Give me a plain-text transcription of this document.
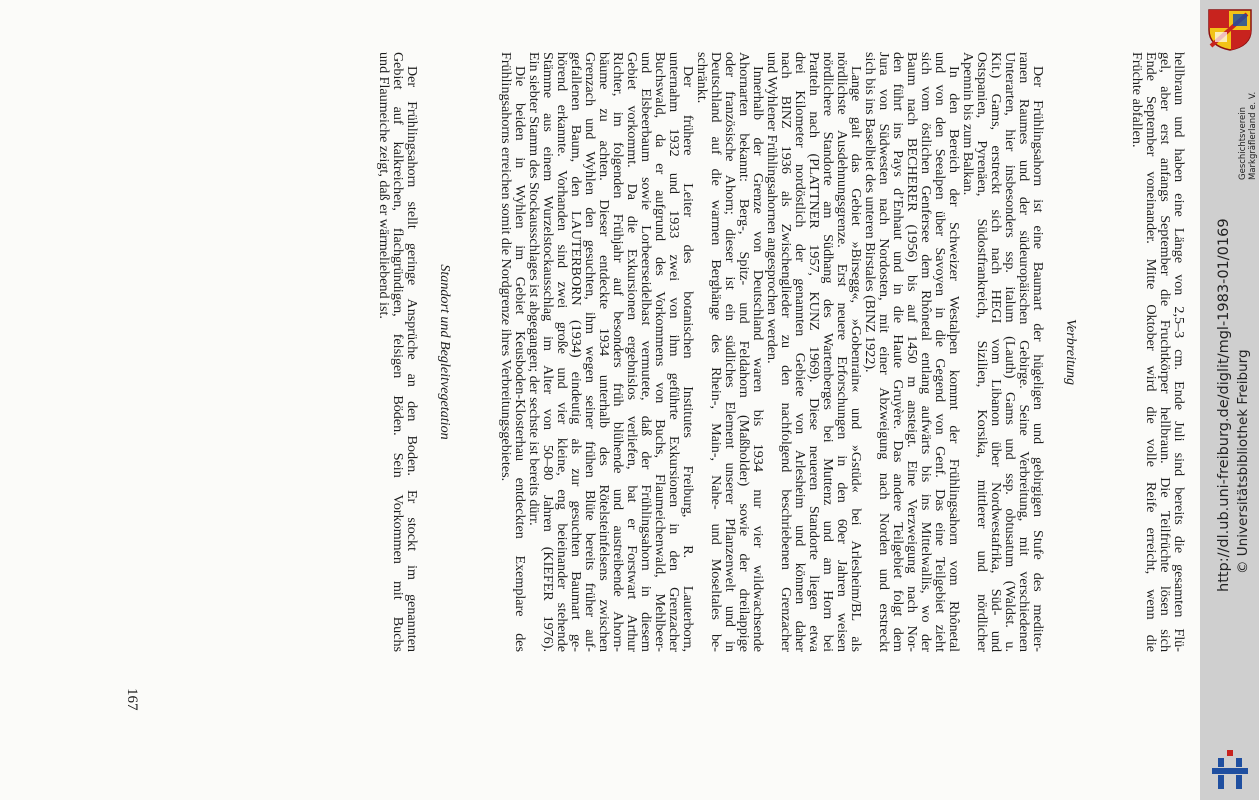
hellbraun und haben eine Länge von 2,5–3 cm. Ende Juli sind bereits die gesamten Flü-
gel, aber erst anfangs September die Fruchtkörper hellbraun. Die Teilfrüchte lösen sich
Ende September voneinander. Mitte Oktober wird die volle Reife erreicht, wenn die
Früchte abfallen.
Verbreitung
Der Frühlingsahorn ist eine Baumart der hügeligen und gebirgigen Stufe des mediter-
ranen Raumes und der südeuropäischen Gebirge. Seine Verbreitung, mit verschiedenen
Unterarten, hier insbesonders ssp. italum (Lauth) Gams und ssp. obtusatum (Waldst. u.
Kit.) Gams, erstreckt sich nach HEGI vom Libanon über Nordwestafrika, Süd- und
Ostspanien, Pyrenäen, Südostfrankreich, Sizilien, Korsika, mittlerer und nördlicher
Apennin bis zum Balkan.
In den Bereich der Schweizer Westalpen kommt der Frühlingsahorn vom Rhônetal
und von den Seealpen über Savoyen in die Gegend von Genf. Das eine Teilgebiet zieht
sich vom östlichen Genfersee dem Rhônetal entlang aufwärts bis ins Mittelwallis, wo der
Baum nach BECHERER (1956) bis auf 1450 m ansteigt. Eine Verzweigung nach Nor-
den führt ins Pays d’Enhaut und in die Haute Gruyère. Das andere Teilgebiet folgt dem
Jura von Südwesten nach Nordosten, mit einer Abzweigung nach Norden und erstreckt
sich bis ins Baselbiet des unteren Birstales (BINZ 1922).
Lange galt das Gebiet »Birsegg«, »Gobenrain« und »Gstüd« bei Arlesheim/BL als
nördlichste Ausdehnungsgrenze. Erst neuere Erforschungen in den 60er Jahren weisen
nördlichere Standorte am Südhang des Wartenberges bei Muttenz und am Horn bei
Pratteln nach (PLATTNER 1957, KUNZ 1969). Diese neueren Standorte liegen etwa
drei Kilometer nordöstlich der genannten Gebiete von Arlesheim und können daher
nach BINZ 1936 als Zwischenglieder zu den nachfolgend beschriebenen Grenzacher
und Wyhlener Frühlingsahornen angesprochen werden.
Innerhalb der Grenze von Deutschland waren bis 1934 nur vier wildwachsende
Ahornarten bekannt: Berg-, Spitz- und Feldahorn (Maßholder) sowie der dreilappige
oder französische Ahorn; dieser ist ein südliches Element unserer Pflanzenwelt und in
Deutschland auf die warmen Berghänge des Rhein-, Main-, Nahe- und Moseltales be-
schränkt.
Der frühere Leiter des botanischen Institutes Freiburg, R. Lauterborn,
unternahm 1932 und 1933 zwei von ihm geführte Exkursionen in den Grenzacher
Buchswald, da er aufgrund des Vorkommens von Buchs, Flaumeichenwald, Mehlbeer-
und Elsbeerbaum sowie Lorbeerseidelbast vermutete, daß der Frühlingsahorn in diesem
Gebiet vorkommt. Da die Exkursionen ergebnislos verliefen, bat er Forstwart Arthur
Richter, im folgenden Frühjahr auf besonders früh blühende und austreibende Ahorn-
bäume zu achten. Dieser entdeckte 1934 unterhalb des Rötelsteinfelsens zwischen
Grenzach und Wyhlen den gesuchten, ihm wegen seiner frühen Blüte bereits früher auf-
gefallenen Baum, den LAUTERBORN (1934) eindeutig als zur gesuchten Baumart ge-
hörend erkannte. Vorhanden sind zwei große und vier kleine, eng beieinander stehende
Stämme aus einem Wurzelstockausschlag im Alter von 50–80 Jahren (KIEFER 1976).
Ein siebter Stamm des Stockausschlages ist abgegangen; der sechste ist bereits dürr.
Die beiden in Wyhlen im Gebiet Keusboden-Klosterhau entdeckten Exemplare des
Frühlingsahorns erreichen somit die Nordgrenze ihres Verbreitungsgebietes.
Standort und Begleitvegetation
Der Frühlingsahorn stellt geringe Ansprüche an den Boden. Er stockt im genannten
Gebiet auf kalkreichen, flachgründigen, felsigen Böden. Sein Vorkommen mit Buchs
und Flaumeiche zeigt, daß er wärmeliebend ist.
167
http://dl.ub.uni-freiburg.de/diglit/mgl-1983-01/0169 © Universitätsbibliothek Freiburg
Geschichtsverein Markgräflerland e. V.
